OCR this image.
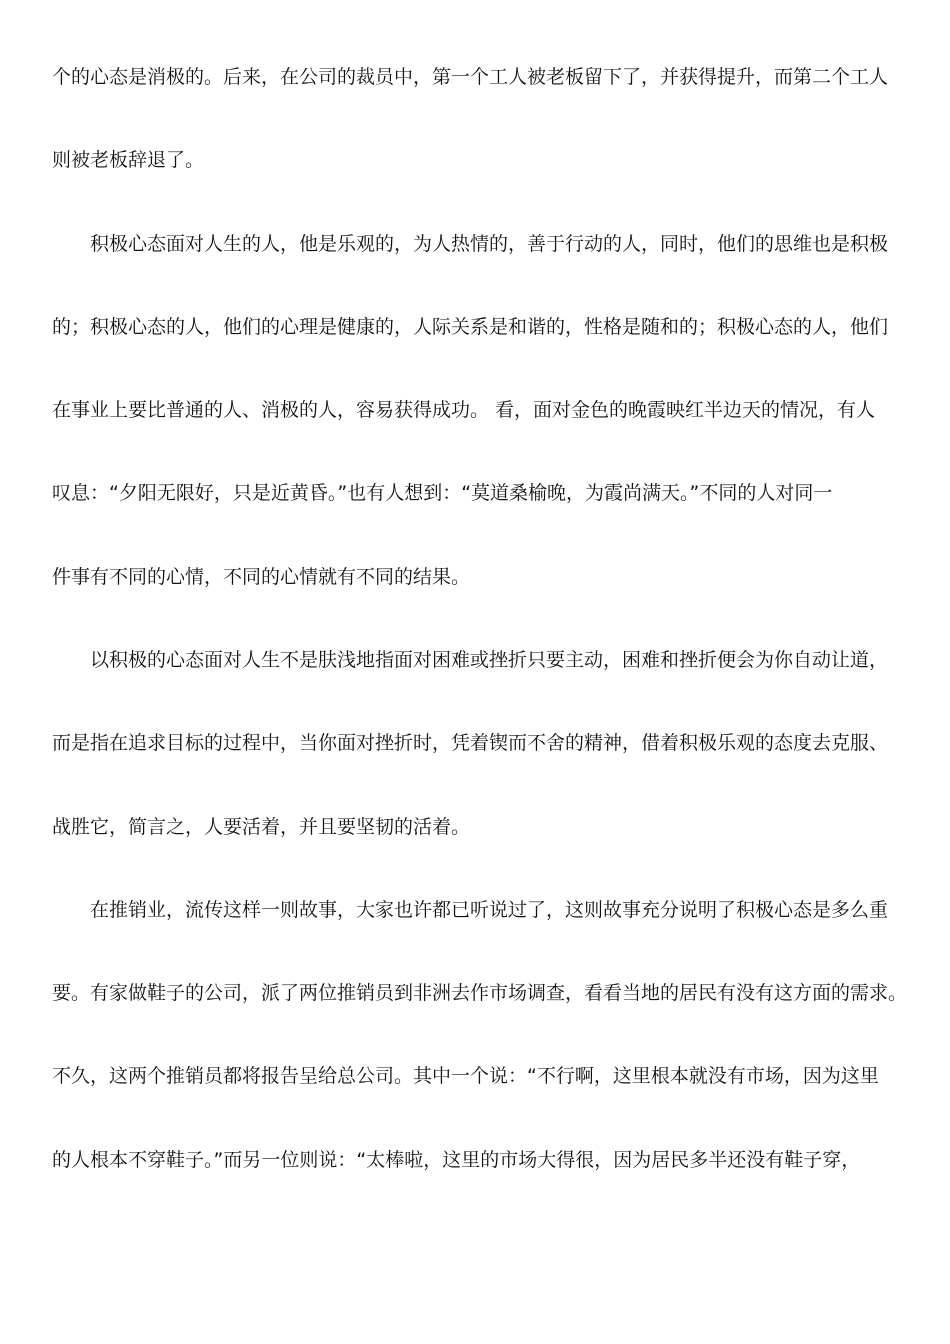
个的心态是消极的。后来，在公司的裁员中，第一个工人被老板留下了，并获得提升，而第二个工人
则被老板辞退了。
积极心态面对人生的人，他是乐观的，为人热情的，善于行动的人，同时，他们的思维也是积极
的；积极心态的人，他们的心理是健康的，人际关系是和谐的，性格是随和的；积极心态的人，他们
在事业上要比普通的人、消极的人，容易获得成功。 看，面对金色的晚霞映红半边天的情况，有人
叹息：“夕阳无限好，只是近黄昏。”也有人想到：“莫道桑榆晚，为霞尚满天。”不同的人对同一
件事有不同的心情，不同的心情就有不同的结果。
以积极的心态面对人生不是肤浅地指面对困难或挫折只要主动，困难和挫折便会为你自动让道，
而是指在追求目标的过程中，当你面对挫折时，凭着锲而不舍的精神，借着积极乐观的态度去克服、
战胜它，简言之，人要活着，并且要坚韧的活着。
在推销业，流传这样一则故事，大家也许都已听说过了，这则故事充分说明了积极心态是多么重
要。有家做鞋子的公司，派了两位推销员到非洲去作市场调查，看看当地的居民有没有这方面的需求。
不久，这两个推销员都将报告呈给总公司。其中一个说：“不行啊，这里根本就没有市场，因为这里
的人根本不穿鞋子。”而另一位则说：“太棒啦，这里的市场大得很，因为居民多半还没有鞋子穿，
